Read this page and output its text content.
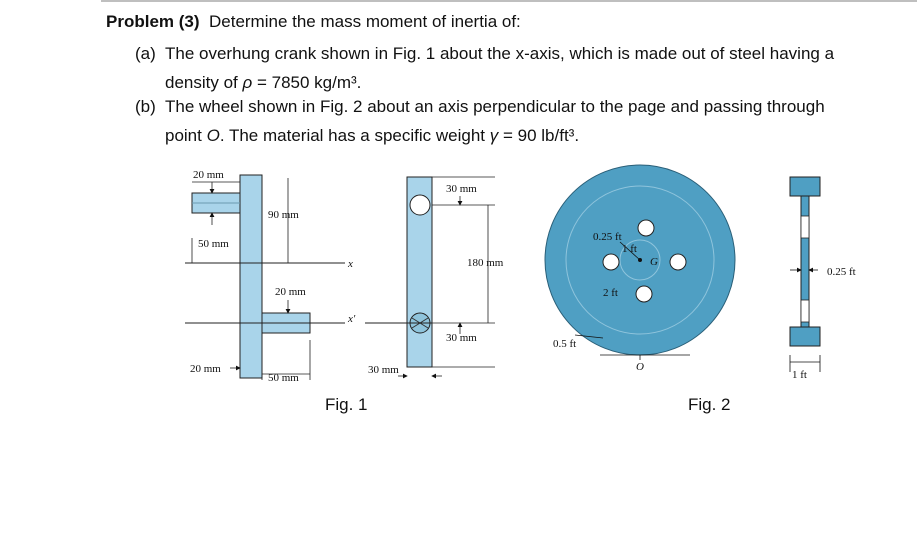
Problem (3) Determine the mass moment of inertia of:
(a) The overhung crank shown in Fig. 1 about the x-axis, which is made out of steel having a
density of ρ = 7850 kg/m³.
(b) The wheel shown in Fig. 2 about an axis perpendicular to the page and passing through
point O. The material has a specific weight γ = 90 lb/ft³.
20 mm
90 mm
50 mm
x
20 mm
x′
20 mm
50 mm
30 mm
180 mm
30 mm
30 mm
Fig. 1
0.25 ft
1 ft
G
2 ft
0.5 ft
O
0.25 ft
1 ft
Fig. 2
